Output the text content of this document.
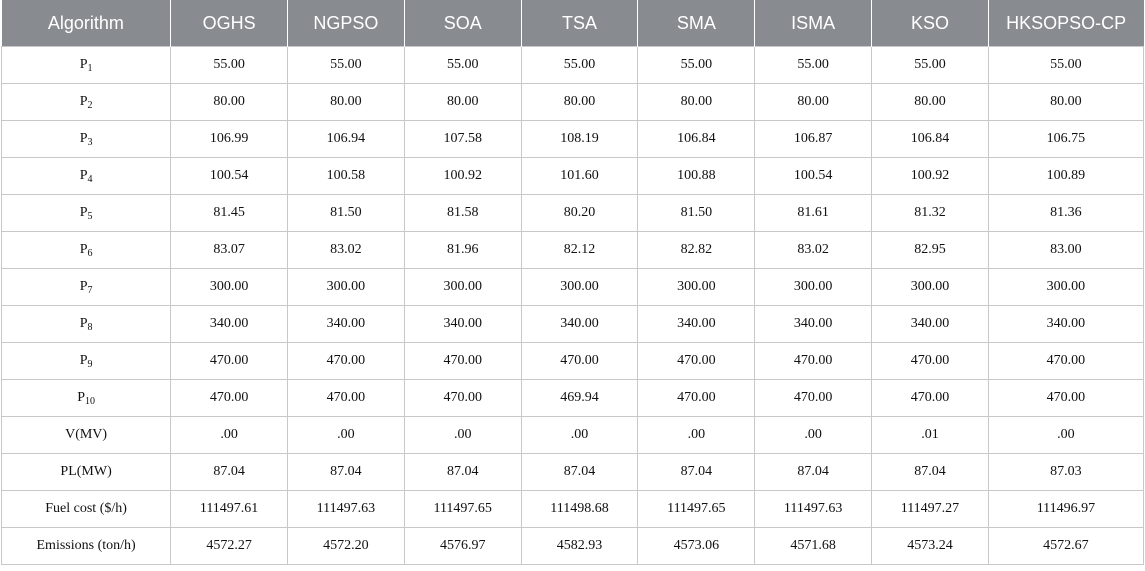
Algorithm	OGHS	NGPSO	SOA	TSA	SMA	ISMA	KSO	HKSOPSO-CP
$P_1$	55.00	55.00	55.00	55.00	55.00	55.00	55.00	55.00
$P_2$	80.00	80.00	80.00	80.00	80.00	80.00	80.00	80.00
$P_3$	106.99	106.94	107.58	108.19	106.84	106.87	106.84	106.75
$P_4$	100.54	100.58	100.92	101.60	100.88	100.54	100.92	100.89
$P_5$	81.45	81.50	81.58	80.20	81.50	81.61	81.32	81.36
$P_6$	83.07	83.02	81.96	82.12	82.82	83.02	82.95	83.00
$P_7$	300.00	300.00	300.00	300.00	300.00	300.00	300.00	300.00
$P_8$	340.00	340.00	340.00	340.00	340.00	340.00	340.00	340.00
$P_9$	470.00	470.00	470.00	470.00	470.00	470.00	470.00	470.00
$P_{10}$	470.00	470.00	470.00	469.94	470.00	470.00	470.00	470.00
V(MV)	.00	.00	.00	.00	.00	.00	.01	.00
PL(MW)	87.04	87.04	87.04	87.04	87.04	87.04	87.04	87.03
Fuel cost ($/h)	111497.61	111497.63	111497.65	111498.68	111497.65	111497.63	111497.27	111496.97
Emissions (ton/h)	4572.27	4572.20	4576.97	4582.93	4573.06	4571.68	4573.24	4572.67
